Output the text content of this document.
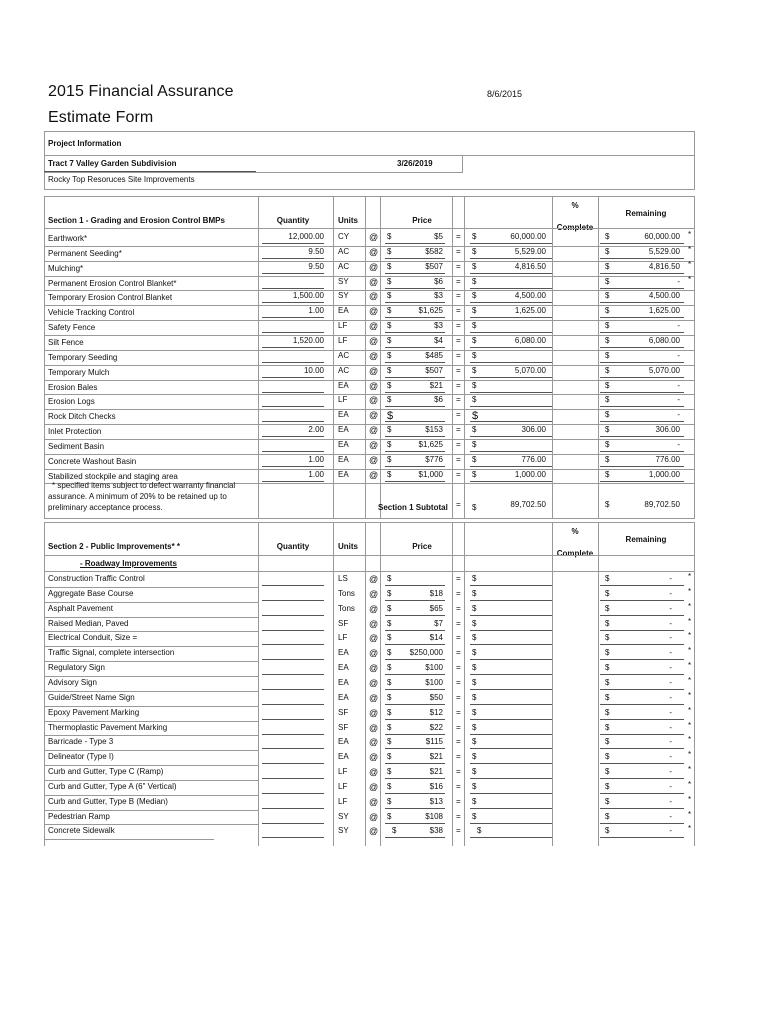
2015 Financial Assurance
Estimate Form
8/6/2015
Project Information
Tract 7 Valley Garden Subdivision	3/26/2019
Rocky Top Resoruces Site Improvements
Section 1 - Grading and Erosion Control BMPs	Quantity	Units	Price
%
Complete
Remaining
Earthwork*	12,000.00 CY @ $	$5 = $	60,000.00	$	60,000.00 *
Permanent Seeding*	9.50 AC @ $	$582 = $	5,529.00	$	5,529.00 *
Mulching*	9.50 AC @ $	$507 = $	4,816.50	$	4,816.50 *
Permanent Erosion Control Blanket*	SY @ $	$6 = $	$	- *
Temporary Erosion Control Blanket	1,500.00 SY @ $	$3 = $	4,500.00	$	4,500.00
Vehicle Tracking Control	1.00 EA @ $	$1,625 = $	1,625.00	$	1,625.00
Safety Fence	LF @ $	$3 = $	$	-
Silt Fence	1,520.00 LF @ $	$4 = $	6,080.00	$	6,080.00
Temporary Seeding	AC @ $	$485 = $	$	-
Temporary Mulch	10.00 AC @ $	$507 = $	5,070.00	$	5,070.00
Erosion Bales	EA @ $	$21 = $	$	-
Erosion Logs	LF @ $	$6 = $	$	-
Rock Ditch Checks	EA @ $	= $	$	-
Inlet Protection	2.00 EA @ $	$153 = $	306.00	$	306.00
Sediment Basin	EA @ $	$1,625 = $	$	-
Concrete Washout Basin	1.00 EA @ $	$776 = $	776.00	$	776.00
Stabilized stockpile and staging area	1.00 EA @ $	$1,000 = $	1,000.00	$	1,000.00
* specified items subject to defect warranty financial
assurance. A minimum of 20% to be retained up to
preliminary acceptance process.	Section 1 Subtotal = $	89,702.50	$	89,702.50
Section 2 - Public Improvements* *	Quantity	Units	Price
%
Complete
Remaining
- Roadway Improvements
Construction Traffic Control	LS @ $	= $	$	- *
Aggregate Base Course	Tons @ $	$18 = $	$	- *
Asphalt Pavement	Tons @ $	$65 = $	$	- *
Raised Median, Paved	SF @ $	$7 = $	$	- *
Electrical Conduit, Size =	LF @ $	$14 = $	$	- *
Traffic Signal, complete intersection	EA @ $	$250,000 = $	$	- *
Regulatory Sign	EA @ $	$100 = $	$	- *
Advisory Sign	EA @ $	$100 = $	$	- *
Guide/Street Name Sign	EA @ $	$50 = $	$	- *
Epoxy Pavement Marking	SF @ $	$12 = $	$	- *
Thermoplastic Pavement Marking	SF @ $	$22 = $	$	- *
Barricade - Type 3	EA @ $	$115 = $	$	- *
Delineator (Type I)	EA @ $	$21 = $	$	- *
Curb and Gutter, Type C (Ramp)	LF @ $	$21 = $	$	- *
Curb and Gutter, Type A (6" Vertical)	LF @ $	$16 = $	$	- *
Curb and Gutter, Type B (Median)	LF @ $	$13 = $	$	- *
Pedestrian Ramp	SY @ $	$108 = $	$	- *
Concrete Sidewalk	SY @ $	$38 = $	$	- *
